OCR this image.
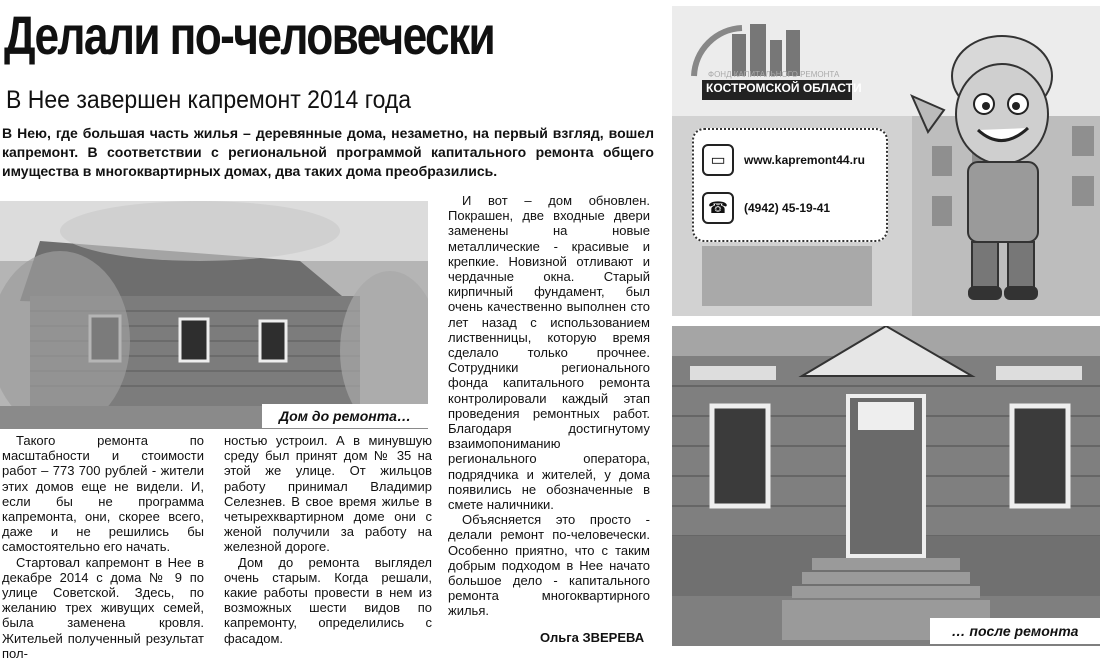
Делали по-человечески
В Нее завершен капремонт 2014 года
В Нею, где большая часть жилья – деревянные дома, незаметно, на первый взгляд, вошел капремонт. В соответствии с региональной программой капитального ремонта общего имущества в многоквартирных домах, два таких дома преобразились.
Дом до ремонта…

Такого ремонта по масштабности и стоимости работ – 773 700 рублей - жители этих домов еще не видели. И, если бы не программа капремонта, они, скорее всего, даже и не решились бы самостоятельно его начать.

Стартовал капремонт в Нее в декабре 2014 с дома № 9 по улице Советской. Здесь, по желанию трех живущих семей, была заменена кровля. Жительей полученный результат пол-

ностью устроил. А в минувшую среду был принят дом № 35 на этой же улице. От жильцов работу принимал Владимир Селезнев. В свое время жилье в четырехквартирном доме они с женой получили за работу на железной дороге.

Дом до ремонта выглядел очень старым. Когда решали, какие работы провести в нем из возможных шести видов по капремонту, определились с фасадом.

И вот – дом обновлен. Покрашен, две входные двери заменены на новые металлические - красивые и крепкие. Новизной отливают и чердачные окна. Старый кирпичный фундамент, был очень качественно выполнен сто лет назад с использованием лиственницы, которую время сделало только прочнее. Сотрудники регионального фонда капитального ремонта контролировали каждый этап проведения ремонтных работ. Благодаря достигнутому взаимопониманию регионального оператора, подрядчика и жителей, у дома появились не обозначенные в смете наличники.

Объясняется это просто - делали ремонт по-человечески. Особенно приятно, что с таким добрым подходом в Нее начато большое дело - капитального ремонта многоквартирного жилья.

Ольга ЗВЕРЕВА
ФОНД КАПИТАЛЬНОГО РЕМОНТА
КОСТРОМСКОЙ ОБЛАСТИ
▭	www.kapremont44.ru
☎	(4942) 45-19-41
… после ремонта
